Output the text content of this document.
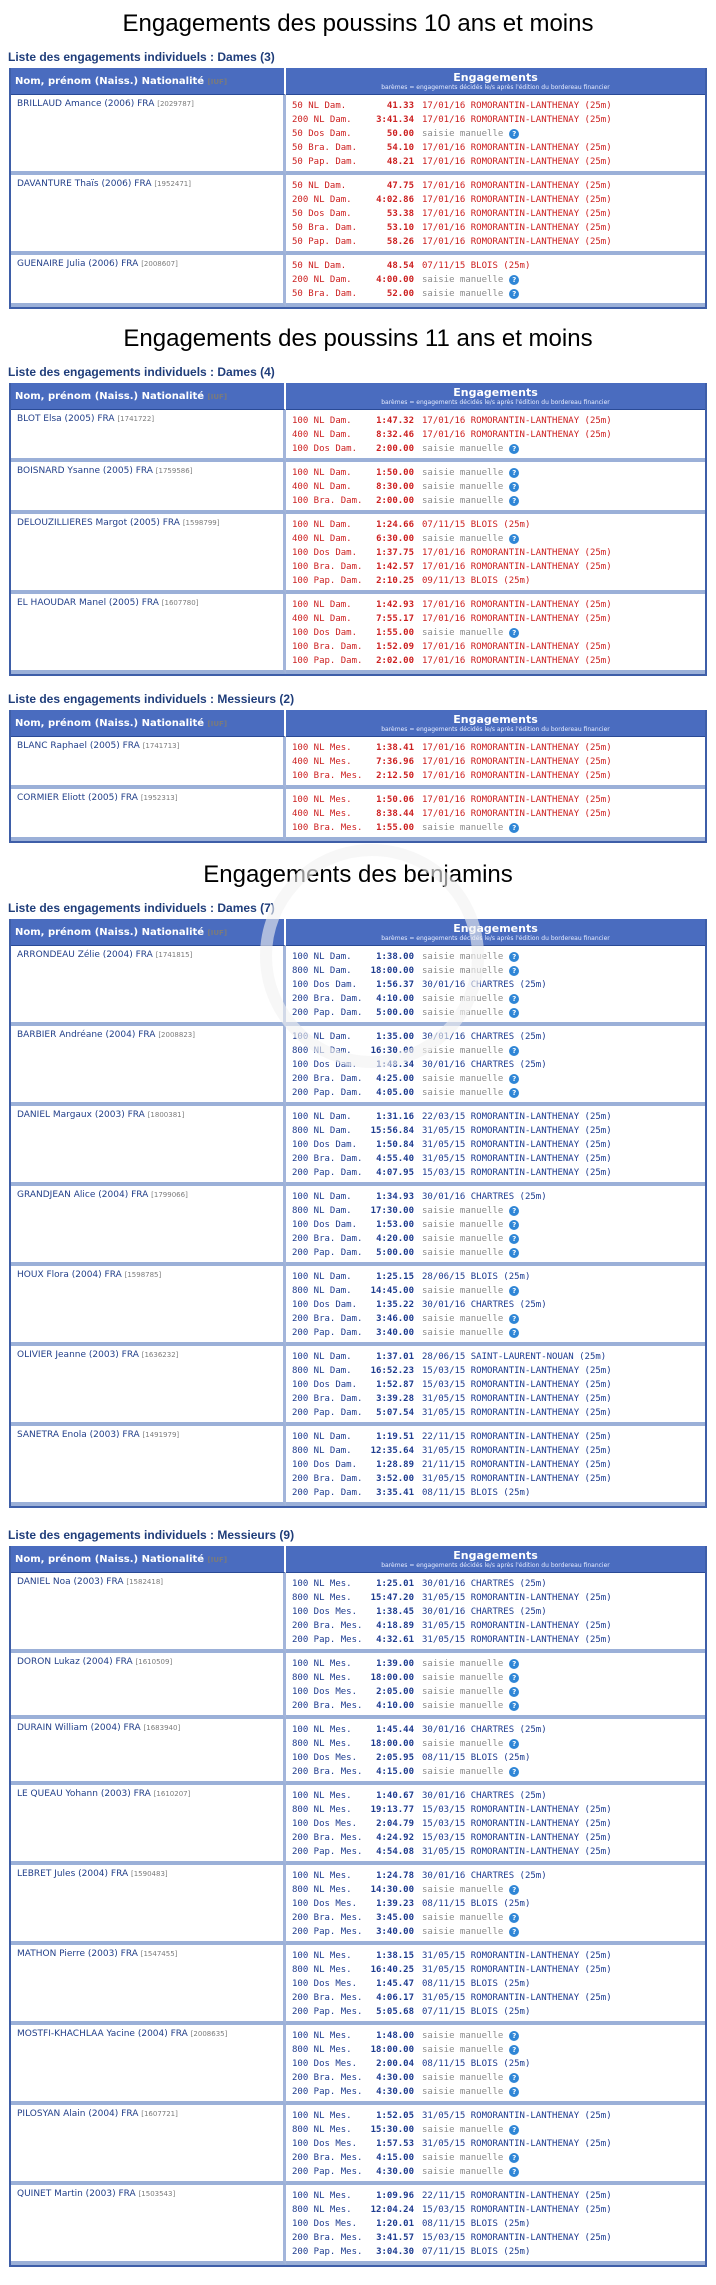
Engagements des poussins 10 ans et moins
Liste des engagements individuels : Dames (3)
Nom, prénom (Naiss.) Nationalité [IUF]	Engagements
barèmes = engagements décidés le/s après l'édition du bordereau financier

BRILLAUD Amance (2006) FRA [2029787]	50 NL Dam. 41.33 17/01/16 ROMORANTIN-LANTHENAY (25m)
200 NL Dam. 3:41.34 17/01/16 ROMORANTIN-LANTHENAY (25m)
50 Dos Dam. 50.00 saisie manuelle ?
50 Bra. Dam. 54.10 17/01/16 ROMORANTIN-LANTHENAY (25m)
50 Pap. Dam. 48.21 17/01/16 ROMORANTIN-LANTHENAY (25m)

DAVANTURE Thaïs (2006) FRA [1952471]	50 NL Dam. 47.75 17/01/16 ROMORANTIN-LANTHENAY (25m)
200 NL Dam. 4:02.86 17/01/16 ROMORANTIN-LANTHENAY (25m)
50 Dos Dam. 53.38 17/01/16 ROMORANTIN-LANTHENAY (25m)
50 Bra. Dam. 53.10 17/01/16 ROMORANTIN-LANTHENAY (25m)
50 Pap. Dam. 58.26 17/01/16 ROMORANTIN-LANTHENAY (25m)

GUENAIRE Julia (2006) FRA [2008607]	50 NL Dam. 48.54 07/11/15 BLOIS (25m)
200 NL Dam. 4:00.00 saisie manuelle ?
50 Bra. Dam. 52.00 saisie manuelle ?
Engagements des poussins 11 ans et moins
Liste des engagements individuels : Dames (4)
Nom, prénom (Naiss.) Nationalité [IUF]	Engagements
barèmes = engagements décidés le/s après l'édition du bordereau financier

BLOT Elsa (2005) FRA [1741722]	100 NL Dam. 1:47.32 17/01/16 ROMORANTIN-LANTHENAY (25m)
400 NL Dam. 8:32.46 17/01/16 ROMORANTIN-LANTHENAY (25m)
100 Dos Dam. 2:00.00 saisie manuelle ?

BOISNARD Ysanne (2005) FRA [1759586]	100 NL Dam. 1:50.00 saisie manuelle ?
400 NL Dam. 8:30.00 saisie manuelle ?
100 Bra. Dam. 2:00.00 saisie manuelle ?

DELOUZILLIERES Margot (2005) FRA [1598799]	100 NL Dam. 1:24.66 07/11/15 BLOIS (25m)
400 NL Dam. 6:30.00 saisie manuelle ?
100 Dos Dam. 1:37.75 17/01/16 ROMORANTIN-LANTHENAY (25m)
100 Bra. Dam. 1:42.57 17/01/16 ROMORANTIN-LANTHENAY (25m)
100 Pap. Dam. 2:10.25 09/11/13 BLOIS (25m)

EL HAOUDAR Manel (2005) FRA [1607780]	100 NL Dam. 1:42.93 17/01/16 ROMORANTIN-LANTHENAY (25m)
400 NL Dam. 7:55.17 17/01/16 ROMORANTIN-LANTHENAY (25m)
100 Dos Dam. 1:55.00 saisie manuelle ?
100 Bra. Dam. 1:52.09 17/01/16 ROMORANTIN-LANTHENAY (25m)
100 Pap. Dam. 2:02.00 17/01/16 ROMORANTIN-LANTHENAY (25m)
Liste des engagements individuels : Messieurs (2)
Nom, prénom (Naiss.) Nationalité [IUF]	Engagements
barèmes = engagements décidés le/s après l'édition du bordereau financier

BLANC Raphael (2005) FRA [1741713]	100 NL Mes. 1:38.41 17/01/16 ROMORANTIN-LANTHENAY (25m)
400 NL Mes. 7:36.96 17/01/16 ROMORANTIN-LANTHENAY (25m)
100 Bra. Mes. 2:12.50 17/01/16 ROMORANTIN-LANTHENAY (25m)

CORMIER Eliott (2005) FRA [1952313]	100 NL Mes. 1:50.06 17/01/16 ROMORANTIN-LANTHENAY (25m)
400 NL Mes. 8:38.44 17/01/16 ROMORANTIN-LANTHENAY (25m)
100 Bra. Mes. 1:55.00 saisie manuelle ?
Engagements des benjamins
Liste des engagements individuels : Dames (7)
Nom, prénom (Naiss.) Nationalité [IUF]	Engagements
barèmes = engagements décidés le/s après l'édition du bordereau financier

ARRONDEAU Zélie (2004) FRA [1741815]	100 NL Dam. 1:38.00 saisie manuelle ?
800 NL Dam. 18:00.00 saisie manuelle ?
100 Dos Dam. 1:56.37 30/01/16 CHARTRES (25m)
200 Bra. Dam. 4:10.00 saisie manuelle ?
200 Pap. Dam. 5:00.00 saisie manuelle ?

BARBIER Andréane (2004) FRA [2008823]	100 NL Dam. 1:35.00 30/01/16 CHARTRES (25m)
800 NL Dam. 16:30.00 saisie manuelle ?
100 Dos Dam. 1:48.34 30/01/16 CHARTRES (25m)
200 Bra. Dam. 4:25.00 saisie manuelle ?
200 Pap. Dam. 4:05.00 saisie manuelle ?

DANIEL Margaux (2003) FRA [1800381]	100 NL Dam. 1:31.16 22/03/15 ROMORANTIN-LANTHENAY (25m)
800 NL Dam. 15:56.84 31/05/15 ROMORANTIN-LANTHENAY (25m)
100 Dos Dam. 1:50.84 31/05/15 ROMORANTIN-LANTHENAY (25m)
200 Bra. Dam. 4:55.40 31/05/15 ROMORANTIN-LANTHENAY (25m)
200 Pap. Dam. 4:07.95 15/03/15 ROMORANTIN-LANTHENAY (25m)

GRANDJEAN Alice (2004) FRA [1799066]	100 NL Dam. 1:34.93 30/01/16 CHARTRES (25m)
800 NL Dam. 17:30.00 saisie manuelle ?
100 Dos Dam. 1:53.00 saisie manuelle ?
200 Bra. Dam. 4:20.00 saisie manuelle ?
200 Pap. Dam. 5:00.00 saisie manuelle ?

HOUX Flora (2004) FRA [1598785]	100 NL Dam. 1:25.15 28/06/15 BLOIS (25m)
800 NL Dam. 14:45.00 saisie manuelle ?
100 Dos Dam. 1:35.22 30/01/16 CHARTRES (25m)
200 Bra. Dam. 3:46.00 saisie manuelle ?
200 Pap. Dam. 3:40.00 saisie manuelle ?

OLIVIER Jeanne (2003) FRA [1636232]	100 NL Dam. 1:37.01 28/06/15 SAINT-LAURENT-NOUAN (25m)
800 NL Dam. 16:52.23 15/03/15 ROMORANTIN-LANTHENAY (25m)
100 Dos Dam. 1:52.87 15/03/15 ROMORANTIN-LANTHENAY (25m)
200 Bra. Dam. 3:39.28 31/05/15 ROMORANTIN-LANTHENAY (25m)
200 Pap. Dam. 5:07.54 31/05/15 ROMORANTIN-LANTHENAY (25m)

SANETRA Enola (2003) FRA [1491979]	100 NL Dam. 1:19.51 22/11/15 ROMORANTIN-LANTHENAY (25m)
800 NL Dam. 12:35.64 31/05/15 ROMORANTIN-LANTHENAY (25m)
100 Dos Dam. 1:28.89 21/11/15 ROMORANTIN-LANTHENAY (25m)
200 Bra. Dam. 3:52.00 31/05/15 ROMORANTIN-LANTHENAY (25m)
200 Pap. Dam. 3:35.41 08/11/15 BLOIS (25m)
Liste des engagements individuels : Messieurs (9)
Nom, prénom (Naiss.) Nationalité [IUF]	Engagements
barèmes = engagements décidés le/s après l'édition du bordereau financier

DANIEL Noa (2003) FRA [1582418]	100 NL Mes. 1:25.01 30/01/16 CHARTRES (25m)
800 NL Mes. 15:47.20 31/05/15 ROMORANTIN-LANTHENAY (25m)
100 Dos Mes. 1:38.45 30/01/16 CHARTRES (25m)
200 Bra. Mes. 4:18.89 31/05/15 ROMORANTIN-LANTHENAY (25m)
200 Pap. Mes. 4:32.61 31/05/15 ROMORANTIN-LANTHENAY (25m)

DORON Lukaz (2004) FRA [1610509]	100 NL Mes. 1:39.00 saisie manuelle ?
800 NL Mes. 18:00.00 saisie manuelle ?
100 Dos Mes. 2:05.00 saisie manuelle ?
200 Bra. Mes. 4:10.00 saisie manuelle ?

DURAIN William (2004) FRA [1683940]	100 NL Mes. 1:45.44 30/01/16 CHARTRES (25m)
800 NL Mes. 18:00.00 saisie manuelle ?
100 Dos Mes. 2:05.95 08/11/15 BLOIS (25m)
200 Bra. Mes. 4:15.00 saisie manuelle ?

LE QUEAU Yohann (2003) FRA [1610207]	100 NL Mes. 1:40.67 30/01/16 CHARTRES (25m)
800 NL Mes. 19:13.77 15/03/15 ROMORANTIN-LANTHENAY (25m)
100 Dos Mes. 2:04.79 15/03/15 ROMORANTIN-LANTHENAY (25m)
200 Bra. Mes. 4:24.92 15/03/15 ROMORANTIN-LANTHENAY (25m)
200 Pap. Mes. 4:54.08 31/05/15 ROMORANTIN-LANTHENAY (25m)

LEBRET Jules (2004) FRA [1590483]	100 NL Mes. 1:24.78 30/01/16 CHARTRES (25m)
800 NL Mes. 14:30.00 saisie manuelle ?
100 Dos Mes. 1:39.23 08/11/15 BLOIS (25m)
200 Bra. Mes. 3:45.00 saisie manuelle ?
200 Pap. Mes. 3:40.00 saisie manuelle ?

MATHON Pierre (2003) FRA [1547455]	100 NL Mes. 1:38.15 31/05/15 ROMORANTIN-LANTHENAY (25m)
800 NL Mes. 16:40.25 31/05/15 ROMORANTIN-LANTHENAY (25m)
100 Dos Mes. 1:45.47 08/11/15 BLOIS (25m)
200 Bra. Mes. 4:06.17 31/05/15 ROMORANTIN-LANTHENAY (25m)
200 Pap. Mes. 5:05.68 07/11/15 BLOIS (25m)

MOSTFI-KHACHLAA Yacine (2004) FRA [2008635]	100 NL Mes. 1:48.00 saisie manuelle ?
800 NL Mes. 18:00.00 saisie manuelle ?
100 Dos Mes. 2:00.04 08/11/15 BLOIS (25m)
200 Bra. Mes. 4:30.00 saisie manuelle ?
200 Pap. Mes. 4:30.00 saisie manuelle ?

PILOSYAN Alain (2004) FRA [1607721]	100 NL Mes. 1:52.05 31/05/15 ROMORANTIN-LANTHENAY (25m)
800 NL Mes. 15:30.00 saisie manuelle ?
100 Dos Mes. 1:57.53 31/05/15 ROMORANTIN-LANTHENAY (25m)
200 Bra. Mes. 4:15.00 saisie manuelle ?
200 Pap. Mes. 4:30.00 saisie manuelle ?

QUINET Martin (2003) FRA [1503543]	100 NL Mes. 1:09.96 22/11/15 ROMORANTIN-LANTHENAY (25m)
800 NL Mes. 12:04.24 15/03/15 ROMORANTIN-LANTHENAY (25m)
100 Dos Mes. 1:20.01 08/11/15 BLOIS (25m)
200 Bra. Mes. 3:41.57 15/03/15 ROMORANTIN-LANTHENAY (25m)
200 Pap. Mes. 3:04.30 07/11/15 BLOIS (25m)
